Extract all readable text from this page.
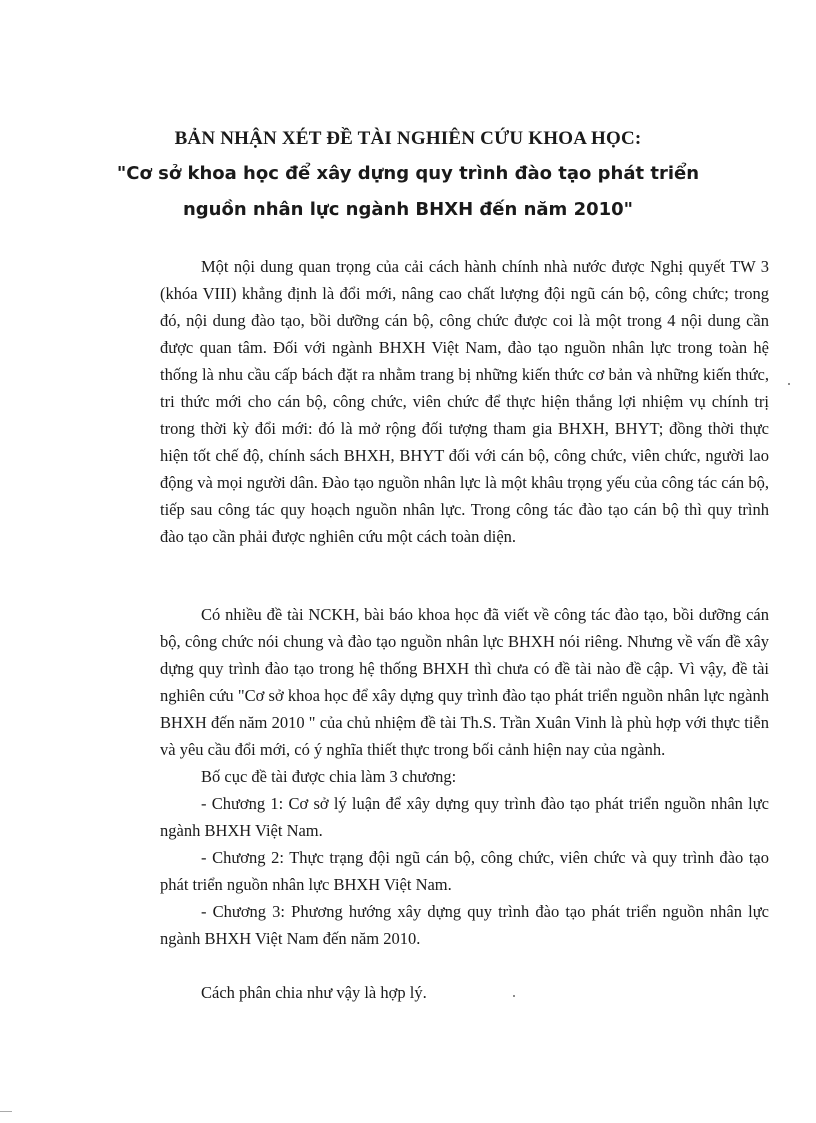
BẢN NHẬN XÉT ĐỀ TÀI NGHIÊN CỨU KHOA HỌC:
"Cơ sở khoa học để xây dựng quy trình đào tạo phát triển
nguồn nhân lực ngành BHXH đến năm 2010"

Một nội dung quan trọng của cải cách hành chính nhà nước được Nghị quyết TW 3 (khóa VIII) khẳng định là đổi mới, nâng cao chất lượng đội ngũ cán bộ, công chức; trong đó, nội dung đào tạo, bồi dưỡng cán bộ, công chức được coi là một trong 4 nội dung cần được quan tâm. Đối với ngành BHXH Việt Nam, đào tạo nguồn nhân lực trong toàn hệ thống là nhu cầu cấp bách đặt ra nhằm trang bị những kiến thức cơ bản và những kiến thức, tri thức mới cho cán bộ, công chức, viên chức để thực hiện thắng lợi nhiệm vụ chính trị trong thời kỳ đổi mới: đó là mở rộng đối tượng tham gia BHXH, BHYT; đồng thời thực hiện tốt chế độ, chính sách BHXH, BHYT đối với cán bộ, công chức, viên chức, người lao động và mọi người dân. Đào tạo nguồn nhân lực là một khâu trọng yếu của công tác cán bộ, tiếp sau công tác quy hoạch nguồn nhân lực. Trong công tác đào tạo cán bộ thì quy trình đào tạo cần phải được nghiên cứu một cách toàn diện.

Có nhiều đề tài NCKH, bài báo khoa học đã viết về công tác đào tạo, bồi dưỡng cán bộ, công chức nói chung và đào tạo nguồn nhân lực BHXH nói riêng. Nhưng về vấn đề xây dựng quy trình đào tạo trong hệ thống BHXH thì chưa có đề tài nào đề cập. Vì vậy, đề tài nghiên cứu "Cơ sở khoa học để xây dựng quy trình đào tạo phát triển nguồn nhân lực ngành BHXH đến năm 2010 " của chủ nhiệm đề tài Th.S. Trần Xuân Vinh là phù hợp với thực tiễn và yêu cầu đổi mới, có ý nghĩa thiết thực trong bối cảnh hiện nay của ngành.

Bố cục đề tài được chia làm 3 chương:

- Chương 1: Cơ sở lý luận để xây dựng quy trình đào tạo phát triển nguồn nhân lực ngành BHXH Việt Nam.

- Chương 2: Thực trạng đội ngũ cán bộ, công chức, viên chức và quy trình đào tạo phát triển nguồn nhân lực BHXH Việt Nam.

- Chương 3: Phương hướng xây dựng quy trình đào tạo phát triển nguồn nhân lực ngành BHXH Việt Nam đến năm 2010.

Cách phân chia như vậy là hợp lý.
